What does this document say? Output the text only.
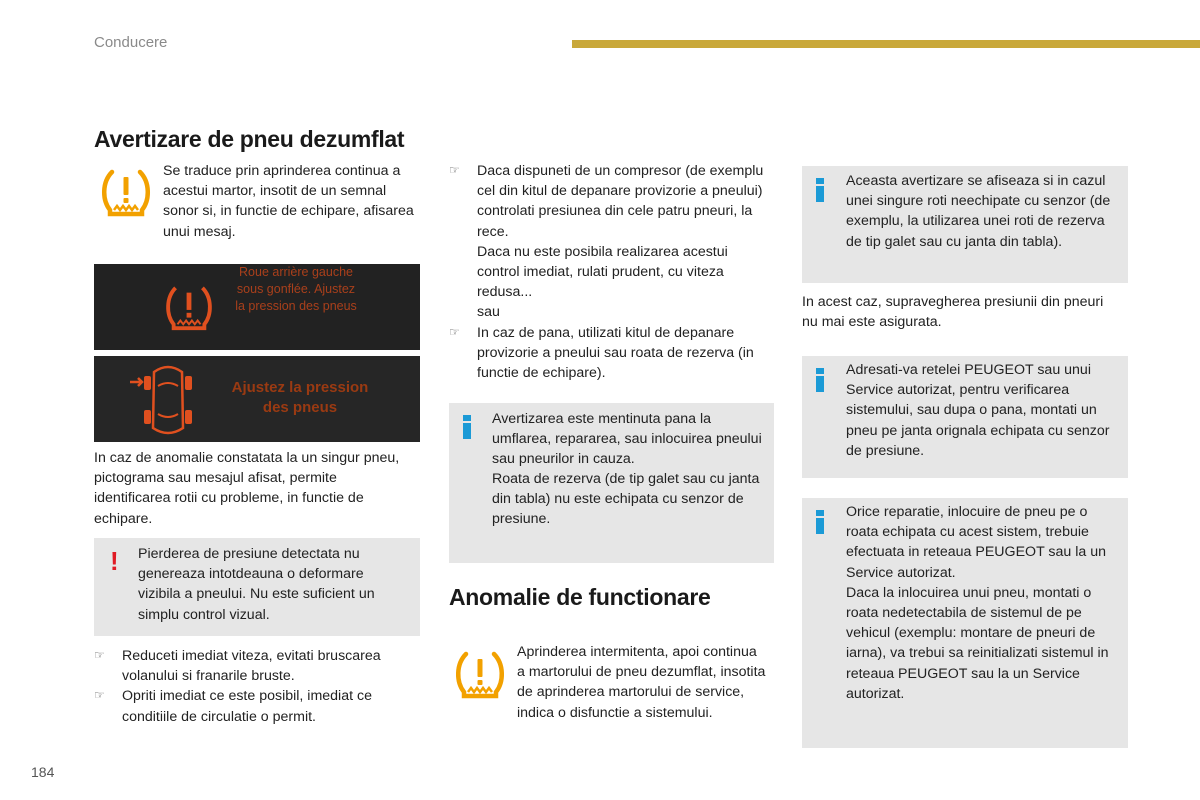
Conducere
Avertizare de pneu dezumflat

Se traduce prin aprinderea continua a acestui martor, insotit de un semnal sonor si, in functie de echipare, afisarea unui mesaj.

Roue arrière gauche sous gonflée. Ajustez la pression des pneus
Ajustez la pression des pneus

In caz de anomalie constatata la un singur pneu, pictograma sau mesajul afisat, permite identificarea rotii cu probleme, in functie de echipare.

! Pierderea de presiune detectata nu genereaza intotdeauna o deformare vizibila a pneului. Nu este suficient un simplu control vizual.

☞	Reduceti imediat viteza, evitati bruscarea volanului si franarile bruste.

☞	Opriti imediat ce este posibil, imediat ce conditiile de circulatie o permit.

184
☞	Daca dispuneti de un compresor (de exemplu cel din kitul de depanare provizorie a pneului) controlati presiunea din cele patru pneuri, la rece.

Daca nu este posibila realizarea acestui control imediat, rulati prudent, cu viteza redusa...

sau

☞	In caz de pana, utilizati kitul de depanare provizorie a pneului sau roata de rezerva (in functie de echipare).

Avertizarea este mentinuta pana la umflarea, repararea, sau inlocuirea pneului sau pneurilor in cauza.

Roata de rezerva (de tip galet sau cu janta din tabla) nu este echipata cu senzor de presiune.

Anomalie de functionare

Aprinderea intermitenta, apoi continua a martorului de pneu dezumflat, insotita de aprinderea martorului de service, indica o disfunctie a sistemului.

Aceasta avertizare se afiseaza si in cazul unei singure roti neechipate cu senzor (de exemplu, la utilizarea unei roti de rezerva de tip galet sau cu janta din tabla).

In acest caz, supravegherea presiunii din pneuri nu mai este asigurata.

Adresati-va retelei PEUGEOT sau unui Service autorizat, pentru verificarea sistemului, sau dupa o pana, montati un pneu pe janta orignala echipata cu senzor de presiune.

Orice reparatie, inlocuire de pneu pe o roata echipata cu acest sistem, trebuie efectuata in reteaua PEUGEOT sau la un Service autorizat.

Daca la inlocuirea unui pneu, montati o roata nedetectabila de sistemul de pe vehicul (exemplu: montare de pneuri de iarna), va trebui sa reinitializati sistemul in reteaua PEUGEOT sau la un Service autorizat.
